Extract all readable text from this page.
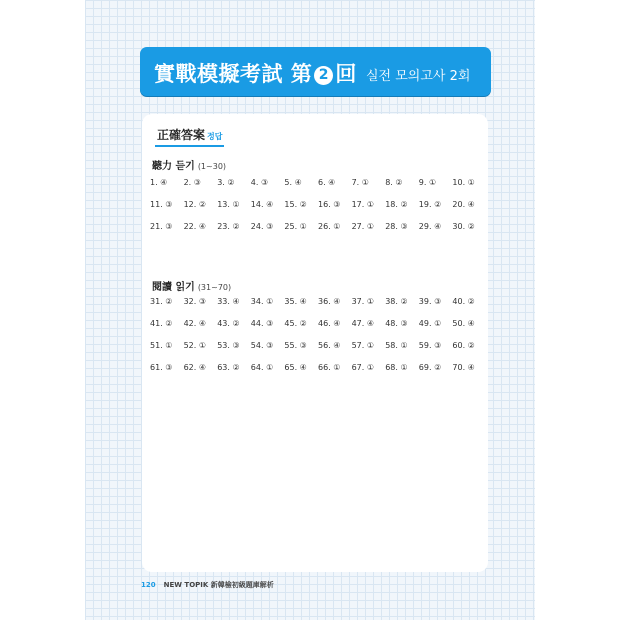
實戰模擬考試 第 2 回 실전 모의고사 2회
正確答案 정답
聽力 듣기 (1~30)
1. ④	2. ③	3. ②	4. ③	5. ④	6. ④	7. ①	8. ②	9. ①	10. ①
11. ③	12. ②	13. ①	14. ④	15. ②	16. ③	17. ①	18. ②	19. ②	20. ④
21. ③	22. ④	23. ②	24. ③	25. ①	26. ①	27. ①	28. ③	29. ④	30. ②
閱讀 읽기 (31~70)
31. ②	32. ③	33. ④	34. ①	35. ④	36. ④	37. ①	38. ②	39. ③	40. ②
41. ②	42. ④	43. ②	44. ③	45. ②	46. ④	47. ④	48. ③	49. ①	50. ④
51. ①	52. ①	53. ③	54. ③	55. ③	56. ④	57. ①	58. ①	59. ③	60. ②
61. ③	62. ④	63. ②	64. ①	65. ④	66. ①	67. ①	68. ①	69. ②	70. ④
120 NEW TOPIK 新韓檢初級題庫解析
